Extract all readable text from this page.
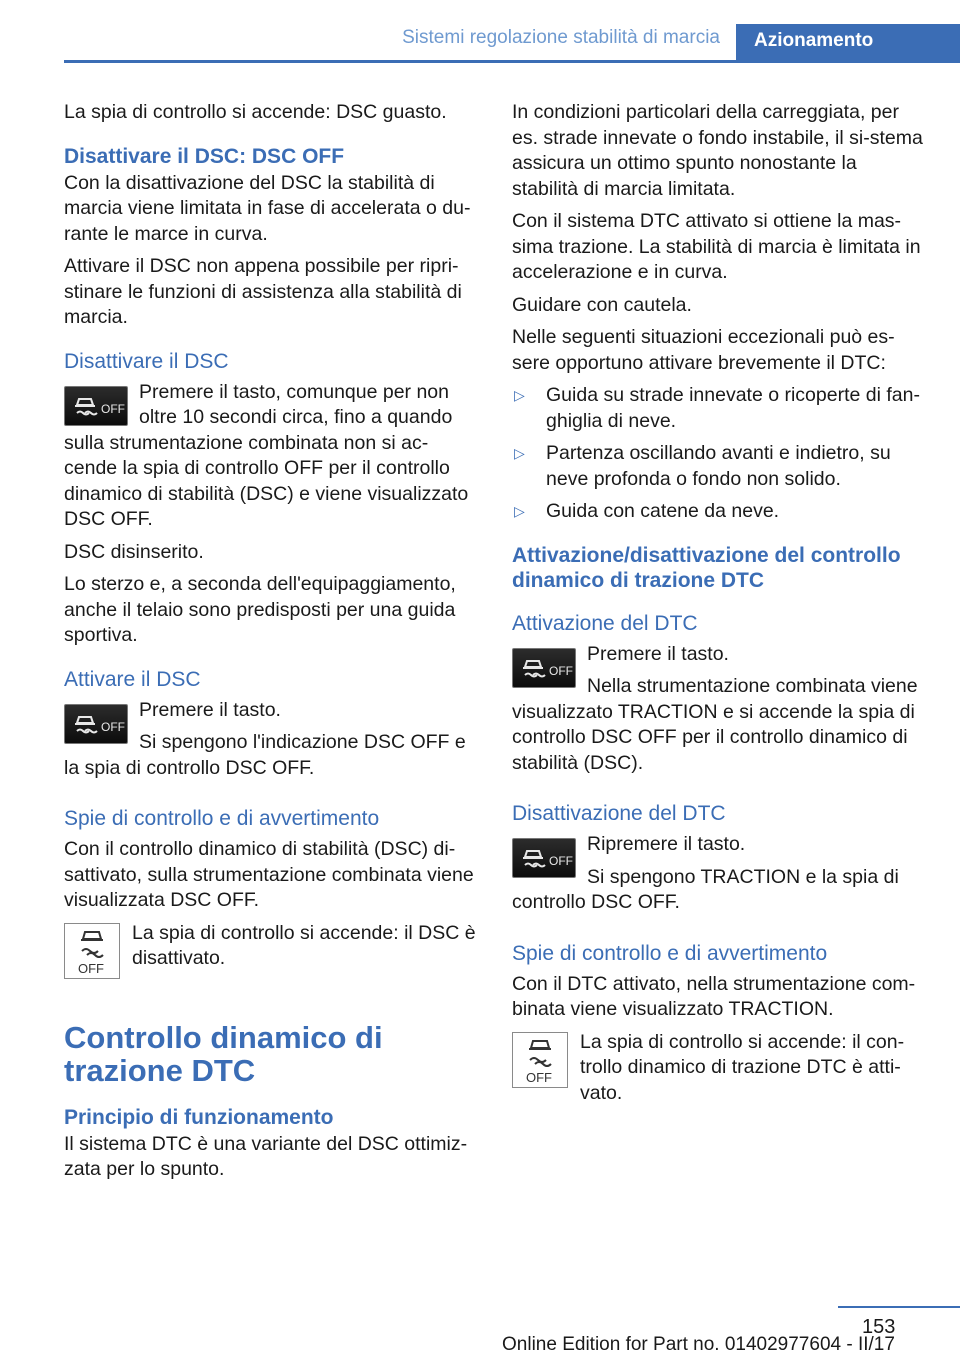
Sistemi regolazione stabilità di marcia	Azionamento
La spia di controllo si accende: DSC guasto.
Disattivare il DSC: DSC OFF
Con la disattivazione del DSC la stabilità di marcia viene limitata in fase di accelerata o du-rante le marce in curva.
Attivare il DSC non appena possibile per ripri-stinare le funzioni di assistenza alla stabilità di marcia.
Disattivare il DSC
OFF
Premere il tasto, comunque per non oltre 10 secondi circa, fino a quando sulla strumentazione combinata non si ac-cende la spia di controllo OFF per il controllo dinamico di stabilità (DSC) e viene visualizzato DSC OFF.
DSC disinserito.
Lo sterzo e, a seconda dell'equipaggiamento, anche il telaio sono predisposti per una guida sportiva.
Attivare il DSC
OFF
Premere il tasto.
Si spengono l'indicazione DSC OFF e la spia di controllo DSC OFF.
Spie di controllo e di avvertimento
Con il controllo dinamico di stabilità (DSC) di-sattivato, sulla strumentazione combinata viene visualizzata DSC OFF.
OFF
La spia di controllo si accende: il DSC è disattivato.
Controllo dinamico di trazione DTC
Principio di funzionamento
Il sistema DTC è una variante del DSC ottimiz-zata per lo spunto.
In condizioni particolari della carreggiata, per es. strade innevate o fondo instabile, il si-stema assicura un ottimo spunto nonostante la stabilità di marcia limitata.
Con il sistema DTC attivato si ottiene la mas-sima trazione. La stabilità di marcia è limitata in accelerazione e in curva.
Guidare con cautela.
Nelle seguenti situazioni eccezionali può es-sere opportuno attivare brevemente il DTC:
▷ Guida su strade innevate o ricoperte di fan-ghiglia di neve.
▷ Partenza oscillando avanti e indietro, su neve profonda o fondo non solido.
▷ Guida con catene da neve.
Attivazione/disattivazione del controllo dinamico di trazione DTC
Attivazione del DTC
OFF
Premere il tasto.
Nella strumentazione combinata viene visualizzato TRACTION e si accende la spia di controllo DSC OFF per il controllo dinamico di stabilità (DSC).
Disattivazione del DTC
OFF
Ripremere il tasto.
Si spengono TRACTION e la spia di controllo DSC OFF.
Spie di controllo e di avvertimento
Con il DTC attivato, nella strumentazione com-binata viene visualizzato TRACTION.
OFF
La spia di controllo si accende: il con-trollo dinamico di trazione DTC è atti-vato.
153
Online Edition for Part no. 01402977604 - II/17
